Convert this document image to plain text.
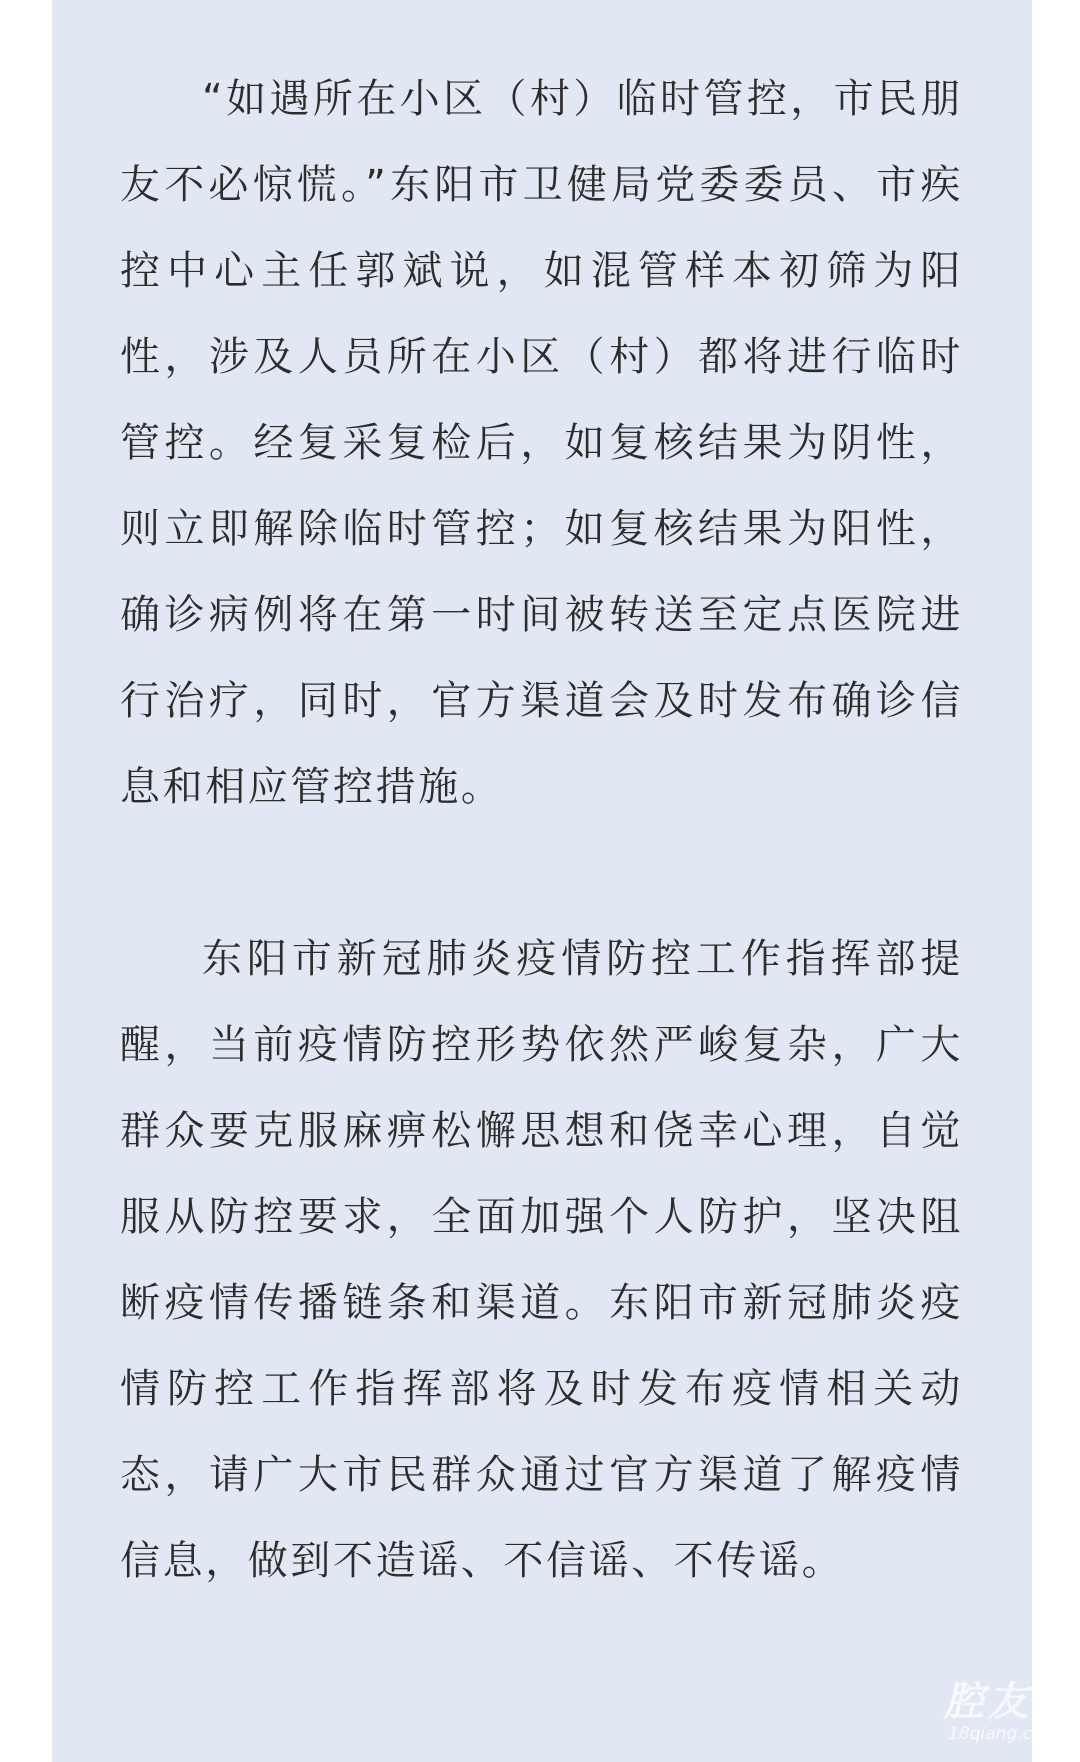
“如遇所在小区（村）临时管控，市民朋友不必惊慌。”东阳市卫健局党委委员、市疾控中心主任郭斌说，如混管样本初筛为阳性，涉及人员所在小区（村）都将进行临时管控。经复采复检后，如复核结果为阴性，则立即解除临时管控；如复核结果为阳性，确诊病例将在第一时间被转送至定点医院进行治疗，同时，官方渠道会及时发布确诊信息和相应管控措施。

东阳市新冠肺炎疫情防控工作指挥部提醒，当前疫情防控形势依然严峻复杂，广大群众要克服麻痹松懈思想和侥幸心理，自觉服从防控要求，全面加强个人防护，坚决阻断疫情传播链条和渠道。东阳市新冠肺炎疫情防控工作指挥部将及时发布疫情相关动态，请广大市民群众通过官方渠道了解疫情信息，做到不造谣、不信谣、不传谣。

腔友
18qiang.c
